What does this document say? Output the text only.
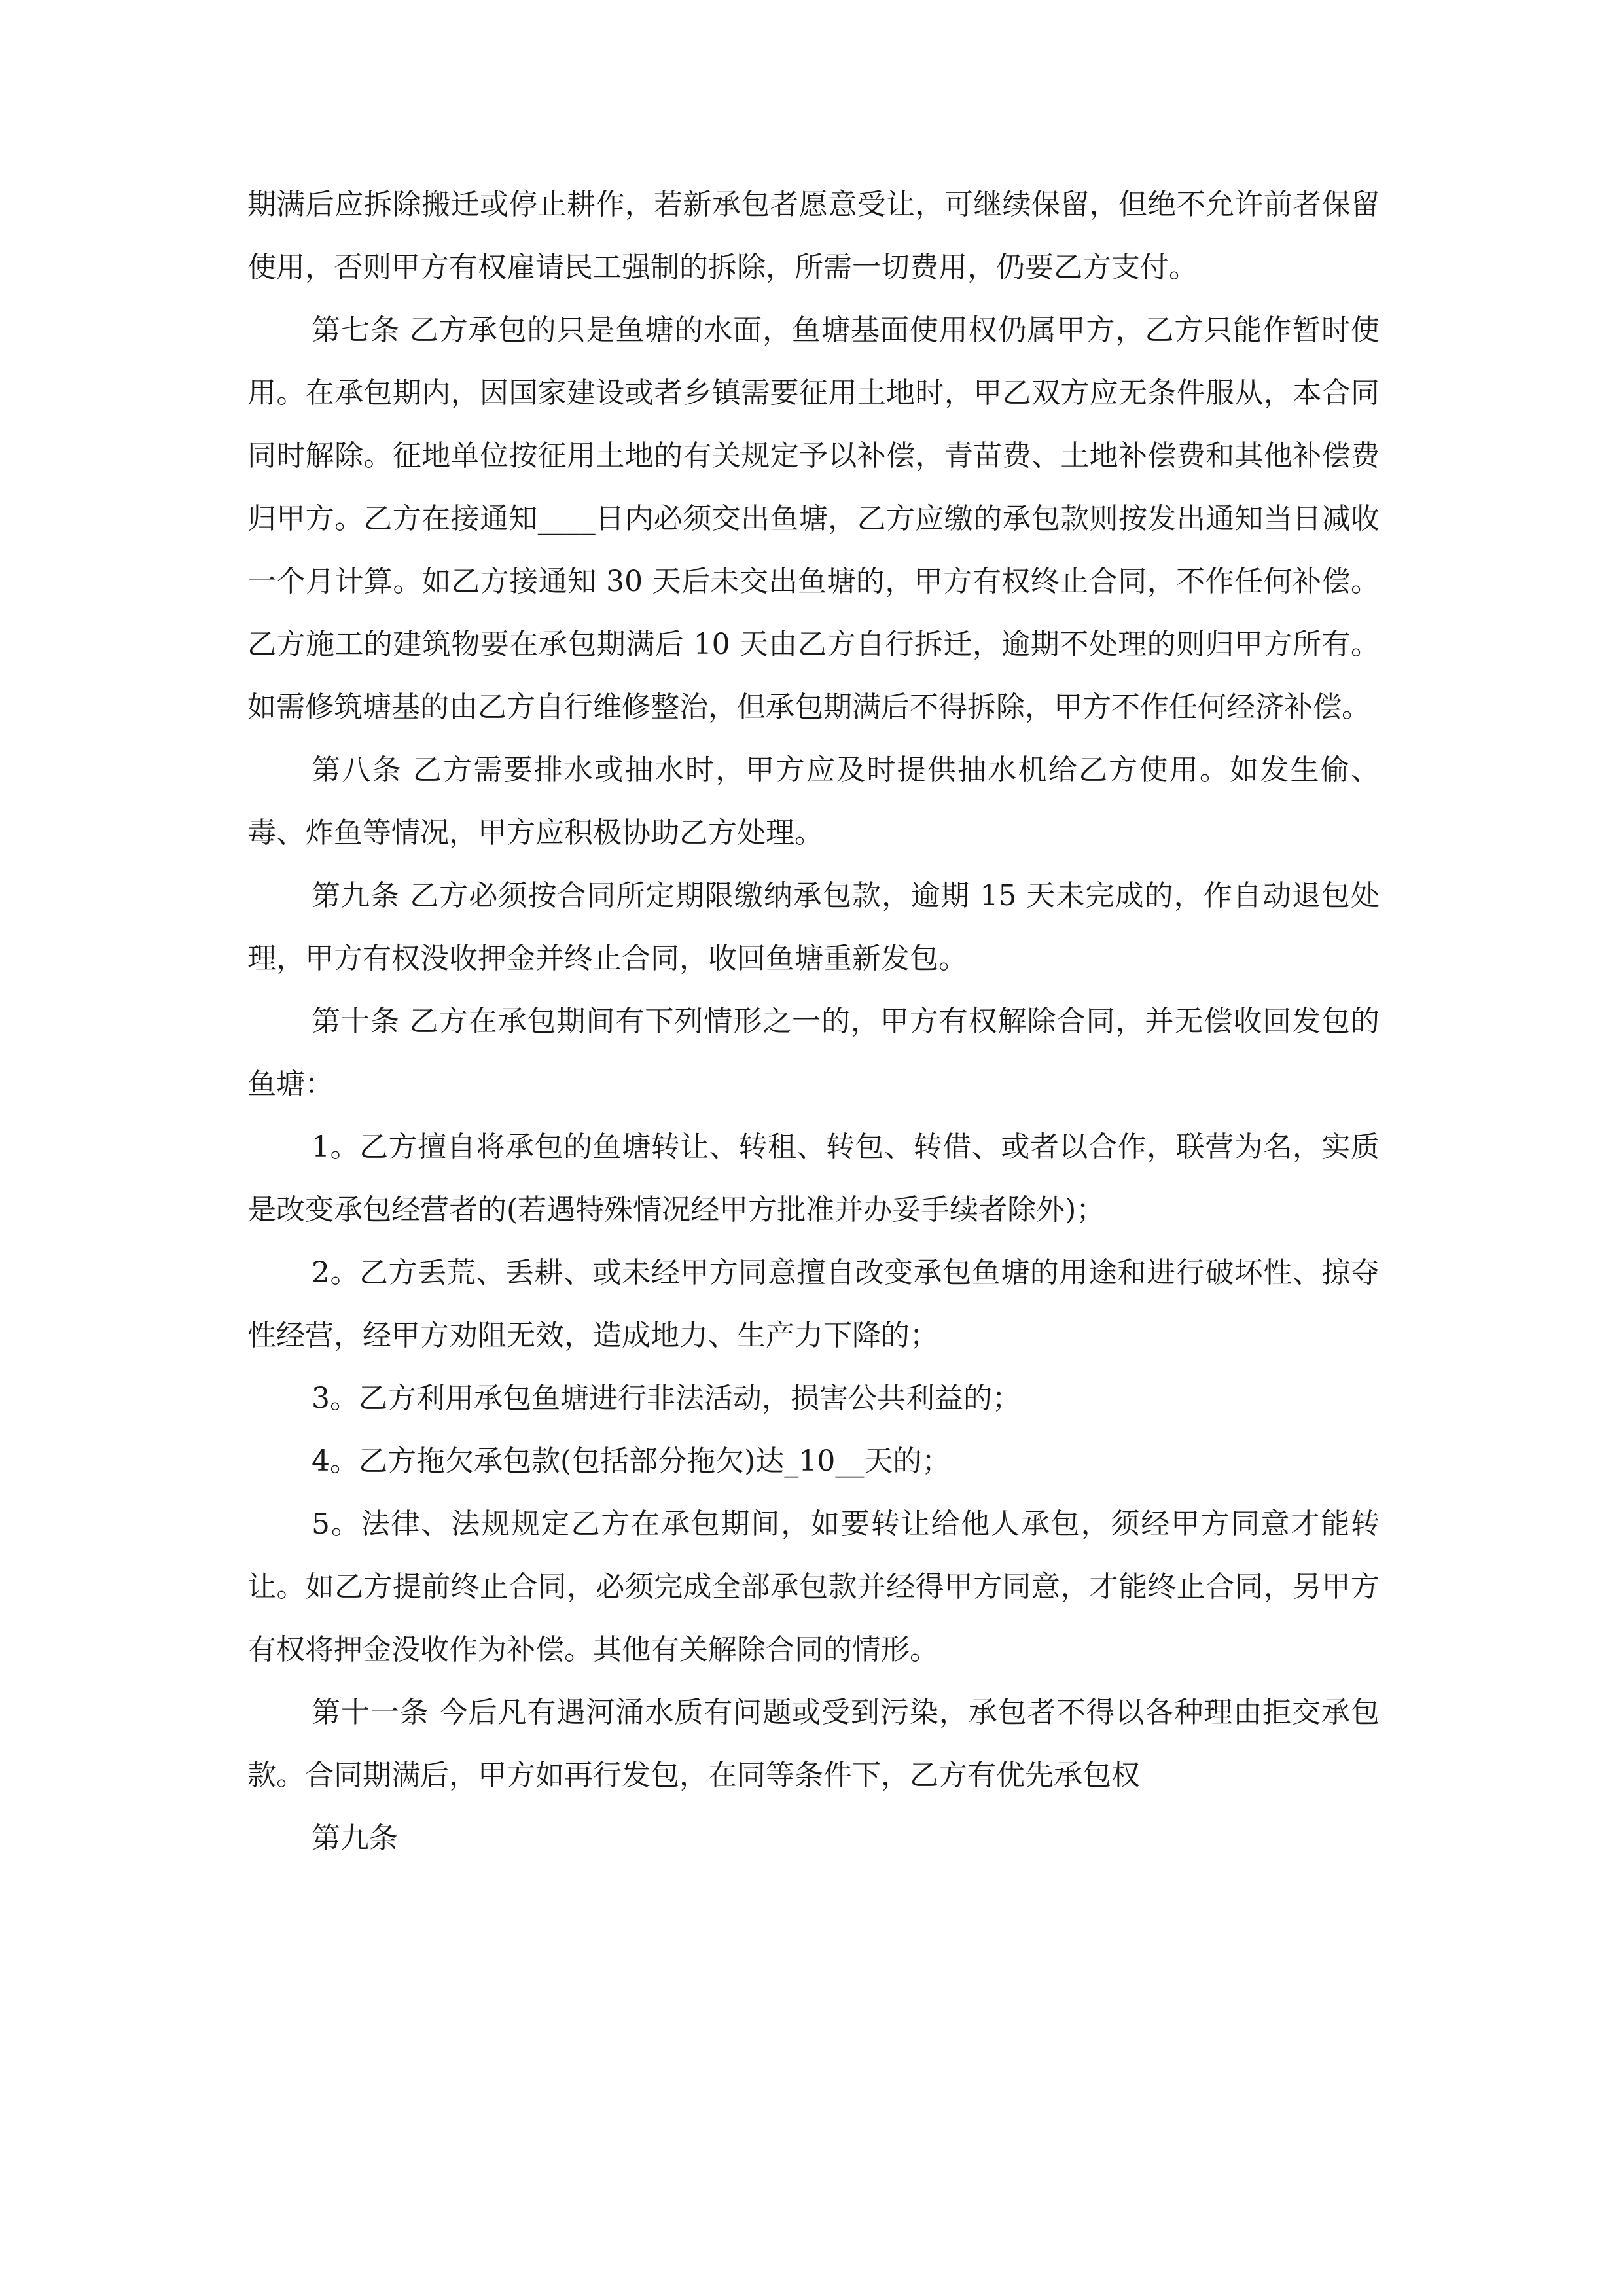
期满后应拆除搬迁或停止耕作，若新承包者愿意受让，可继续保留，但绝不允许前者保留使用，否则甲方有权雇请民工强制的拆除，所需一切费用，仍要乙方支付。

第七条 乙方承包的只是鱼塘的水面，鱼塘基面使用权仍属甲方，乙方只能作暂时使用。在承包期内，因国家建设或者乡镇需要征用土地时，甲乙双方应无条件服从，本合同同时解除。征地单位按征用土地的有关规定予以补偿，青苗费、土地补偿费和其他补偿费归甲方。乙方在接通知____日内必须交出鱼塘，乙方应缴的承包款则按发出通知当日减收一个月计算。如乙方接通知 30 天后未交出鱼塘的，甲方有权终止合同，不作任何补偿。 乙方施工的建筑物要在承包期满后 10 天由乙方自行拆迁，逾期不处理的则归甲方所有。如需修筑塘基的由乙方自行维修整治，但承包期满后不得拆除，甲方不作任何经济补偿。

第八条 乙方需要排水或抽水时，甲方应及时提供抽水机给乙方使用。如发生偷、毒、炸鱼等情况，甲方应积极协助乙方处理。

第九条 乙方必须按合同所定期限缴纳承包款，逾期 15 天未完成的，作自动退包处理，甲方有权没收押金并终止合同，收回鱼塘重新发包。

第十条 乙方在承包期间有下列情形之一的，甲方有权解除合同，并无偿收回发包的鱼塘：

1。乙方擅自将承包的鱼塘转让、转租、转包、转借、或者以合作，联营为名，实质是改变承包经营者的(若遇特殊情况经甲方批准并办妥手续者除外)；

2。乙方丢荒、丢耕、或未经甲方同意擅自改变承包鱼塘的用途和进行破坏性、掠夺性经营，经甲方劝阻无效，造成地力、生产力下降的；

3。乙方利用承包鱼塘进行非法活动，损害公共利益的；

4。乙方拖欠承包款(包括部分拖欠)达_10__天的；

5。法律、法规规定乙方在承包期间，如要转让给他人承包，须经甲方同意才能转让。如乙方提前终止合同，必须完成全部承包款并经得甲方同意，才能终止合同，另甲方有权将押金没收作为补偿。其他有关解除合同的情形。

第十一条 今后凡有遇河涌水质有问题或受到污染，承包者不得以各种理由拒交承包款。合同期满后，甲方如再行发包，在同等条件下，乙方有优先承包权

第九条
